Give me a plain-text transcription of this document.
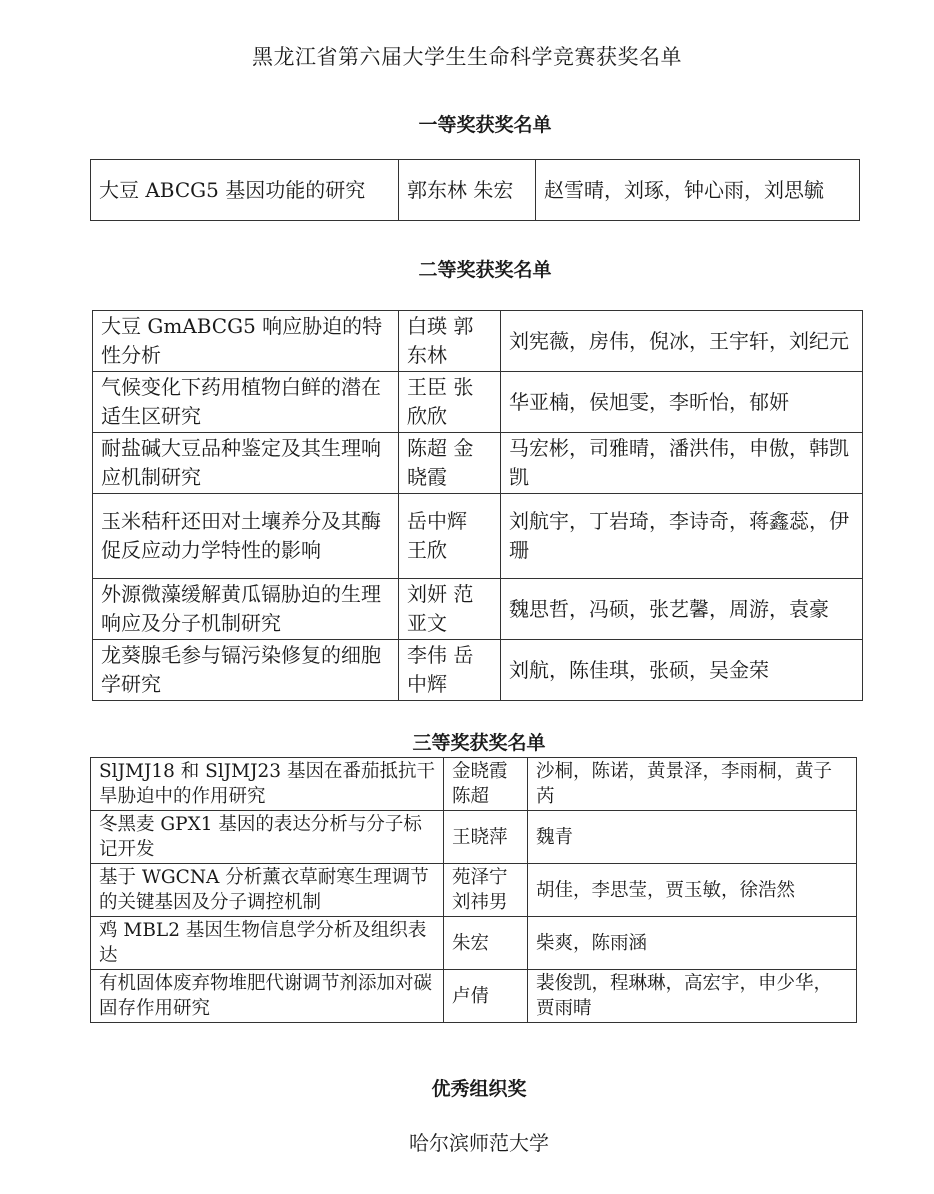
黑龙江省第六届大学生生命科学竞赛获奖名单
一等奖获奖名单
大豆 ABCG5 基因功能的研究	郭东林 朱宏	赵雪晴，刘琢，钟心雨，刘思毓
二等奖获奖名单
大豆 GmABCG5 响应胁迫的特性分析	白瑛 郭东林	刘宪薇，房伟，倪冰，王宇轩，刘纪元
气候变化下药用植物白鲜的潜在适生区研究	王臣 张欣欣	华亚楠，侯旭雯，李昕怡，郁妍
耐盐碱大豆品种鉴定及其生理响应机制研究	陈超 金晓霞	马宏彬，司雅晴，潘洪伟，申傲，韩凯凯
玉米秸秆还田对土壤养分及其酶促反应动力学特性的影响	岳中辉 王欣	刘航宇，丁岩琦，李诗奇，蒋鑫蕊，伊珊
外源微藻缓解黄瓜镉胁迫的生理响应及分子机制研究	刘妍 范亚文	魏思哲，冯硕，张艺馨，周游，袁豪
龙葵腺毛参与镉污染修复的细胞学研究	李伟 岳中辉	刘航，陈佳琪，张硕，吴金荣
三等奖获奖名单
SlJMJ18 和 SlJMJ23 基因在番茄抵抗干旱胁迫中的作用研究	金晓霞 陈超	沙桐，陈诺，黄景泽，李雨桐，黄子芮
冬黑麦 GPX1 基因的表达分析与分子标记开发	王晓萍	魏青
基于 WGCNA 分析薰衣草耐寒生理调节的关键基因及分子调控机制	苑泽宁 刘祎男	胡佳，李思莹，贾玉敏，徐浩然
鸡 MBL2 基因生物信息学分析及组织表达	朱宏	柴爽，陈雨涵
有机固体废弃物堆肥代谢调节剂添加对碳固存作用研究	卢倩	裴俊凯，程琳琳，高宏宇，申少华，贾雨晴
优秀组织奖
哈尔滨师范大学
